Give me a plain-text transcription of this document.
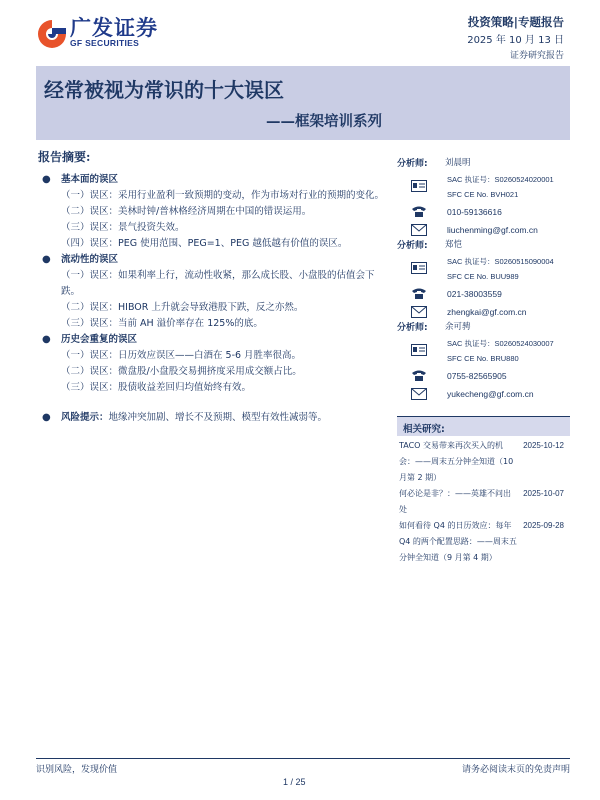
广发证券
GF SECURITIES
投资策略|专题报告
2025 年 10 月 13 日
证券研究报告
经常被视为常识的十大误区
——框架培训系列
报告摘要:
● 基本面的误区
（一）误区：采用行业盈利一致预期的变动，作为市场对行业的预期的变化。
（二）误区：美林时钟/普林格经济周期在中国的错误运用。
（三）误区：景气投资失效。
（四）误区：PEG 使用范围、PEG=1、PEG 越低越有价值的误区。
● 流动性的误区
（一）误区：如果利率上行，流动性收紧，那么成长股、小盘股的估值会下跌。
（二）误区：HIBOR 上升就会导致港股下跌，反之亦然。
（三）误区：当前 AH 溢价率存在 125%的底。
● 历史会重复的误区
（一）误区：日历效应误区——白酒在 5-6 月胜率很高。
（二）误区：微盘股/小盘股交易拥挤度采用成交额占比。
（三）误区：股债收益差回归均值始终有效。
● 风险提示：地缘冲突加剧、增长不及预期、模型有效性减弱等。
分析师: 刘晨明
SAC 执证号：S0260524020001
SFC CE No. BVH021
010-59136616
liuchenming@gf.com.cn
分析师: 郑恺
SAC 执证号：S0260515090004
SFC CE No. BUU989
021-38003559
zhengkai@gf.com.cn
分析师: 余可骋
SAC 执证号：S0260524030007
SFC CE No. BRU880
0755-82565905
yukecheng@gf.com.cn
相关研究:
TACO 交易带来再次买入的机会：——周末五分钟全知道（10 月第 2 期）
2025-10-12
何必论是非？：——英雄不问出处
2025-10-07
如何看待 Q4 的日历效应：每年 Q4 的两个配置思路：——周末五分钟全知道（9 月第 4 期）
2025-09-28
识别风险，发现价值	请务必阅读末页的免责声明
1 / 25
